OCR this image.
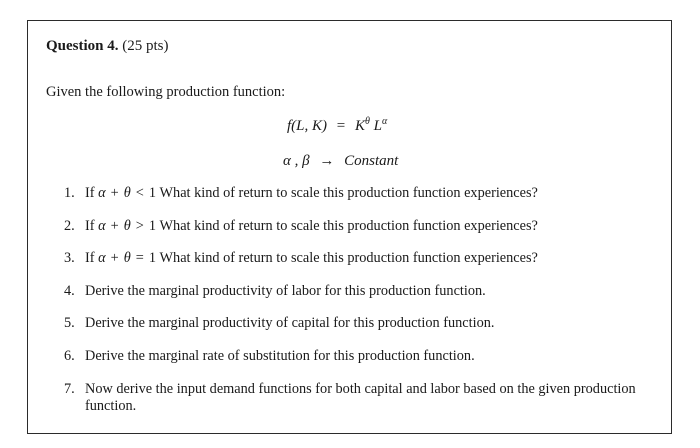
Question 4. (25 pts)
Given the following production function:
f(L, $K) = K^\theta$ $L^\alpha$
α , β → Constant
1. If α + θ < 1 What kind of return to scale this production function experiences?
2. If α + θ > 1 What kind of return to scale this production function experiences?
3. If α + θ = 1 What kind of return to scale this production function experiences?
4. Derive the marginal productivity of labor for this production function.
5. Derive the marginal productivity of capital for this production function.
6. Derive the marginal rate of substitution for this production function.
7. Now derive the input demand functions for both capital and labor based on the given production function.
